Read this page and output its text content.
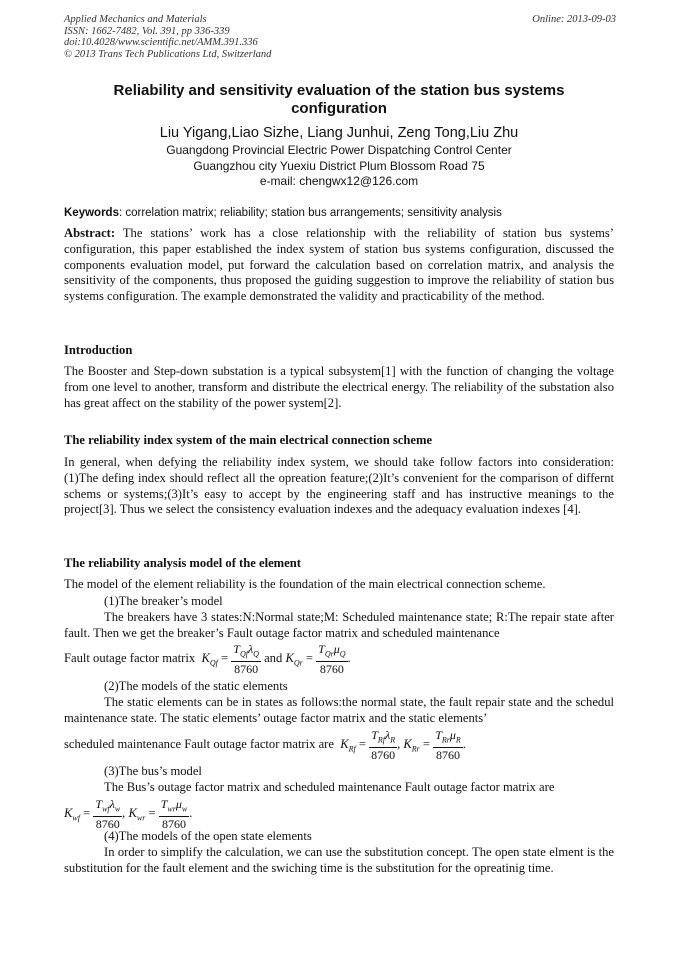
Applied Mechanics and Materials
ISSN: 1662-7482, Vol. 391, pp 336-339
doi:10.4028/www.scientific.net/AMM.391.336
© 2013 Trans Tech Publications Ltd, Switzerland
Online: 2013-09-03
Reliability and sensitivity evaluation of the station bus systems
configuration
Liu Yigang,Liao Sizhe, Liang Junhui, Zeng Tong,Liu Zhu
Guangdong Provincial Electric Power Dispatching Control Center
Guangzhou city Yuexiu District Plum Blossom Road 75
e-mail: chengwx12@126.com
Keywords: correlation matrix; reliability; station bus arrangements; sensitivity analysis
Abstract: The stations’ work has a close relationship with the reliability of station bus systems’ configuration, this paper established the index system of station bus systems configuration, discussed the components evaluation model, put forward the calculation based on correlation matrix, and analysis the sensitivity of the components, thus proposed the guiding suggestion to improve the reliability of station bus systems configuration. The example demonstrated the validity and practicability of the method.
Introduction
The Booster and Step-down substation is a typical subsystem[1] with the function of changing the voltage from one level to another, transform and distribute the electrical energy. The reliability of the substation also has great affect on the stability of the power system[2].
The reliability index system of the main electrical connection scheme
In general, when defying the reliability index system, we should take follow factors into consideration:(1)The defing index should reflect all the opreation feature;(2)It’s convenient for the comparison of differnt schems or systems;(3)It’s easy to accept by the engineering staff and has instructive meanings to the project[3]. Thus we select the consistency evaluation indexes and the adequacy evaluation indexes [4].
The reliability analysis model of the element
The model of the element reliability is the foundation of the main electrical connection scheme.
(1)The breaker’s model
The breakers have 3 states:N:Normal state;M: Scheduled maintenance state; R:The repair state after fault. Then we get the breaker’s Fault outage factor matrix and scheduled maintenance
Fault outage factor matrix  $K_{Qf} = \frac{T_{Qf}\lambda_Q}{8760}$ and $K_{Qr} = \frac{T_{Qr}\mu_Q}{8760}$ .
(2)The models of the static elements
The static elements can be in states as follows:the normal state, the fault repair state and the schedul maintenance state. The static elements’ outage factor matrix and the static elements’
scheduled maintenance Fault outage factor matrix are  $K_{Rf} = \frac{T_{Rf}\lambda_R}{8760}$ , $K_{Rr} = \frac{T_{Rr}\mu_R}{8760}$ .
(3)The bus’s model
The Bus’s outage factor matrix and scheduled maintenance Fault outage factor matrix are
$K_{wf} = \frac{T_{wf}\lambda_w}{8760}$ , $K_{wr} = \frac{T_{wr}\mu_w}{8760}$ .
(4)The models of the open state elements
In order to simplify the calculation, we can use the substitution concept. The open state elment is the substitution for the fault element and the swiching time is the substitution for the opreatinig time.
